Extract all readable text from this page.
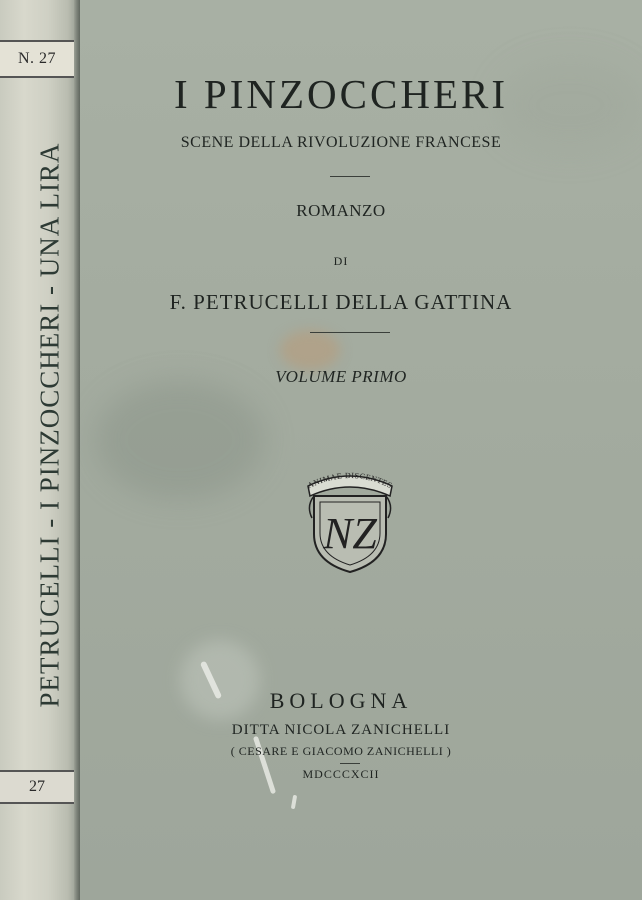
N. 27
PETRUCELLI - I PINZOCCHERI - UNA LIRA
27
I PINZOCCHERI
SCENE DELLA RIVOLUZIONE FRANCESE
ROMANZO
DI
F. PETRUCELLI DELLA GATTINA
VOLUME PRIMO
ANIMAE DISCENTES
NZ
BOLOGNA
DITTA NICOLA ZANICHELLI
( CESARE E GIACOMO ZANICHELLI )
MDCCCXCII
